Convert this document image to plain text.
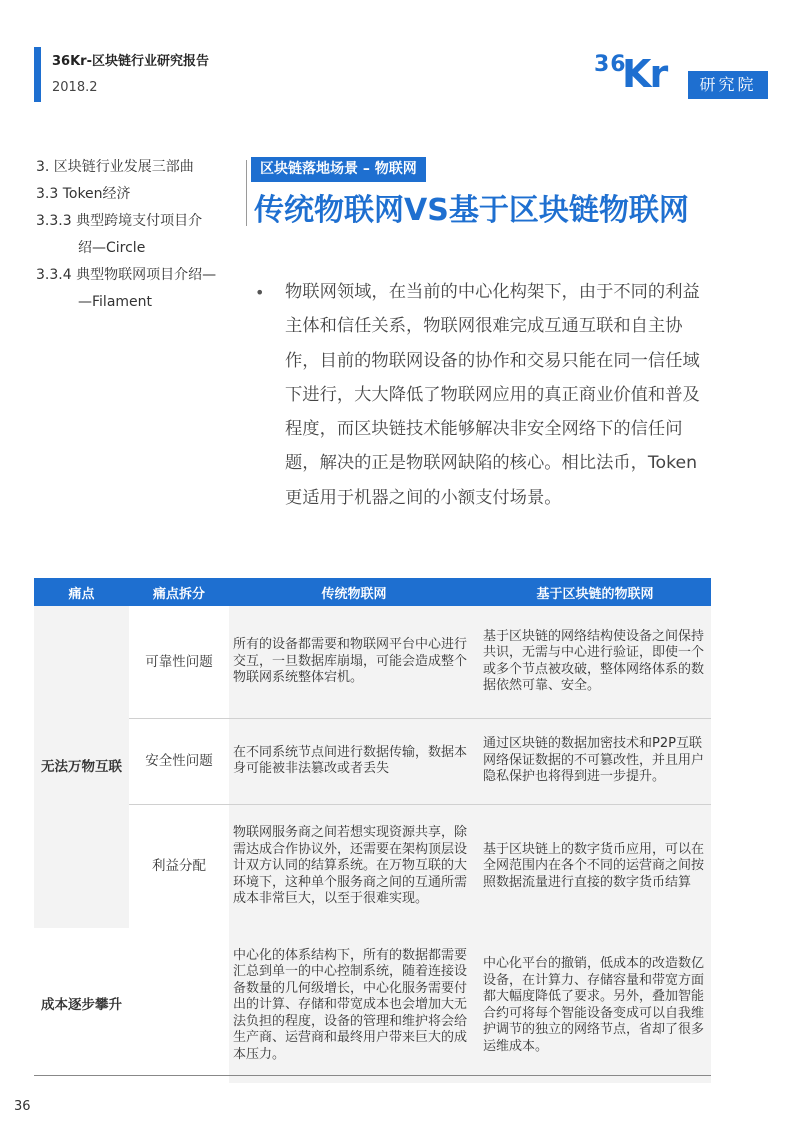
36Kr-区块链行业研究报告
2018.2
36
Kr	研究院
3. 区块链行业发展三部曲
3.3 Token经济
3.3.3 典型跨境支付项目介
绍—Circle
3.3.4 典型物联网项目介绍—
—Filament
区块链落地场景 – 物联网
传统物联网VS基于区块链物联网
• 物联网领域，在当前的中心化构架下，由于不同的利益主体和信任关系，物联网很难完成互通互联和自主协作，目前的物联网设备的协作和交易只能在同一信任域下进行，大大降低了物联网应用的真正商业价值和普及程度，而区块链技术能够解决非安全网络下的信任问题，解决的正是物联网缺陷的核心。相比法币，Token更适用于机器之间的小额支付场景。
痛点	痛点拆分	传统物联网	基于区块链的物联网
无法万物互联	可靠性问题	所有的设备都需要和物联网平台中心进行交互，一旦数据库崩塌，可能会造成整个物联网系统整体宕机。	基于区块链的网络结构使设备之间保持共识，无需与中心进行验证，即使一个或多个节点被攻破，整体网络体系的数据依然可靠、安全。
	安全性问题	在不同系统节点间进行数据传输，数据本身可能被非法篡改或者丢失	通过区块链的数据加密技术和P2P互联网络保证数据的不可篡改性，并且用户隐私保护也将得到进一步提升。
	利益分配	物联网服务商之间若想实现资源共享，除需达成合作协议外，还需要在架构顶层设计双方认同的结算系统。在万物互联的大环境下，这种单个服务商之间的互通所需成本非常巨大，以至于很难实现。	基于区块链上的数字货币应用，可以在全网范围内在各个不同的运营商之间按照数据流量进行直接的数字货币结算
成本逐步攀升		中心化的体系结构下，所有的数据都需要汇总到单一的中心控制系统，随着连接设备数量的几何级增长，中心化服务需要付出的计算、存储和带宽成本也会增加大无法负担的程度，设备的管理和维护将会给生产商、运营商和最终用户带来巨大的成本压力。	中心化平台的撤销，低成本的改造数亿设备，在计算力、存储容量和带宽方面都大幅度降低了要求。另外，叠加智能合约可将每个智能设备变成可以自我维护调节的独立的网络节点，省却了很多运维成本。
36
